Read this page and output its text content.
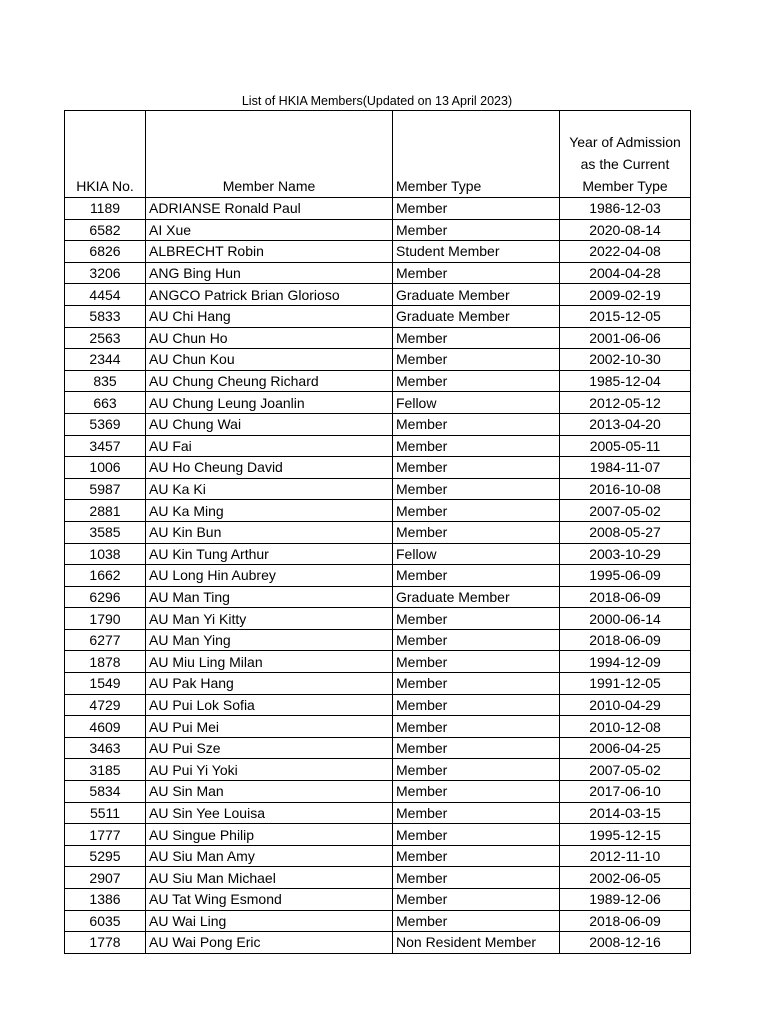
List of HKIA Members(Updated on 13 April 2023)
HKIA No.	Member Name	Member Type	Year of Admission as the Current Member Type
1189	ADRIANSE Ronald Paul	Member	1986-12-03
6582	AI Xue	Member	2020-08-14
6826	ALBRECHT Robin	Student Member	2022-04-08
3206	ANG Bing Hun	Member	2004-04-28
4454	ANGCO Patrick Brian Glorioso	Graduate Member	2009-02-19
5833	AU Chi Hang	Graduate Member	2015-12-05
2563	AU Chun Ho	Member	2001-06-06
2344	AU Chun Kou	Member	2002-10-30
835	AU Chung Cheung Richard	Member	1985-12-04
663	AU Chung Leung Joanlin	Fellow	2012-05-12
5369	AU Chung Wai	Member	2013-04-20
3457	AU Fai	Member	2005-05-11
1006	AU Ho Cheung David	Member	1984-11-07
5987	AU Ka Ki	Member	2016-10-08
2881	AU Ka Ming	Member	2007-05-02
3585	AU Kin Bun	Member	2008-05-27
1038	AU Kin Tung Arthur	Fellow	2003-10-29
1662	AU Long Hin Aubrey	Member	1995-06-09
6296	AU Man Ting	Graduate Member	2018-06-09
1790	AU Man Yi Kitty	Member	2000-06-14
6277	AU Man Ying	Member	2018-06-09
1878	AU Miu Ling Milan	Member	1994-12-09
1549	AU Pak Hang	Member	1991-12-05
4729	AU Pui Lok Sofia	Member	2010-04-29
4609	AU Pui Mei	Member	2010-12-08
3463	AU Pui Sze	Member	2006-04-25
3185	AU Pui Yi Yoki	Member	2007-05-02
5834	AU Sin Man	Member	2017-06-10
5511	AU Sin Yee Louisa	Member	2014-03-15
1777	AU Singue Philip	Member	1995-12-15
5295	AU Siu Man Amy	Member	2012-11-10
2907	AU Siu Man Michael	Member	2002-06-05
1386	AU Tat Wing Esmond	Member	1989-12-06
6035	AU Wai Ling	Member	2018-06-09
1778	AU Wai Pong Eric	Non Resident Member	2008-12-16
